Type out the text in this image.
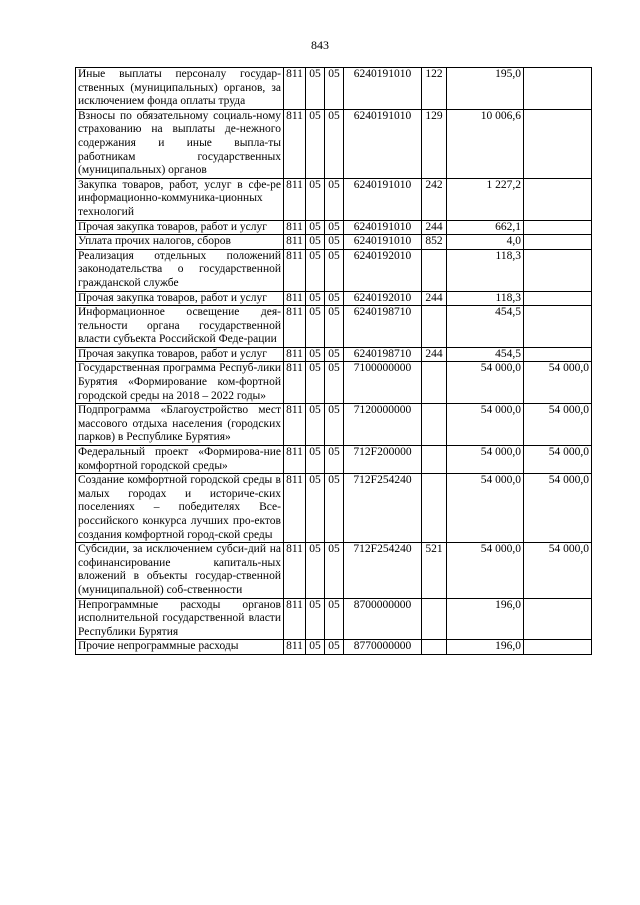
843
Иные выплаты персоналу государ-ственных (муниципальных) органов, за исключением фонда оплаты труда	811	05	05	6240191010	122	195,0	
Взносы по обязательному социаль-ному страхованию на выплаты де-нежного содержания и иные выпла-ты работникам государственных (муниципальных) органов	811	05	05	6240191010	129	10 006,6	
Закупка товаров, работ, услуг в сфе-ре информационно-коммуника-ционных технологий	811	05	05	6240191010	242	1 227,2	
Прочая закупка товаров, работ и услуг	811	05	05	6240191010	244	662,1	
Уплата прочих налогов, сборов	811	05	05	6240191010	852	4,0	
Реализация отдельных положений законодательства о государственной гражданской службе	811	05	05	6240192010		118,3	
Прочая закупка товаров, работ и услуг	811	05	05	6240192010	244	118,3	
Информационное освещение дея-тельности органа государственной власти субъекта Российской Феде-рации	811	05	05	6240198710		454,5	
Прочая закупка товаров, работ и услуг	811	05	05	6240198710	244	454,5	
Государственная программа Респуб-лики Бурятия «Формирование ком-фортной городской среды на 2018 – 2022 годы»	811	05	05	7100000000		54 000,0	54 000,0
Подпрограмма «Благоустройство мест массового отдыха населения (городских парков) в Республике Бурятия»	811	05	05	7120000000		54 000,0	54 000,0
Федеральный проект «Формирова-ние комфортной городской среды»	811	05	05	712F200000		54 000,0	54 000,0
Создание комфортной городской среды в малых городах и историче-ских поселениях – победителях Все-российского конкурса лучших про-ектов создания комфортной город-ской среды	811	05	05	712F254240		54 000,0	54 000,0
Субсидии, за исключением субси-дий на софинансирование капиталь-ных вложений в объекты государ-ственной (муниципальной) соб-ственности	811	05	05	712F254240	521	54 000,0	54 000,0
Непрограммные расходы органов исполнительной государственной власти Республики Бурятия	811	05	05	8700000000		196,0	
Прочие непрограммные расходы	811	05	05	8770000000		196,0	
